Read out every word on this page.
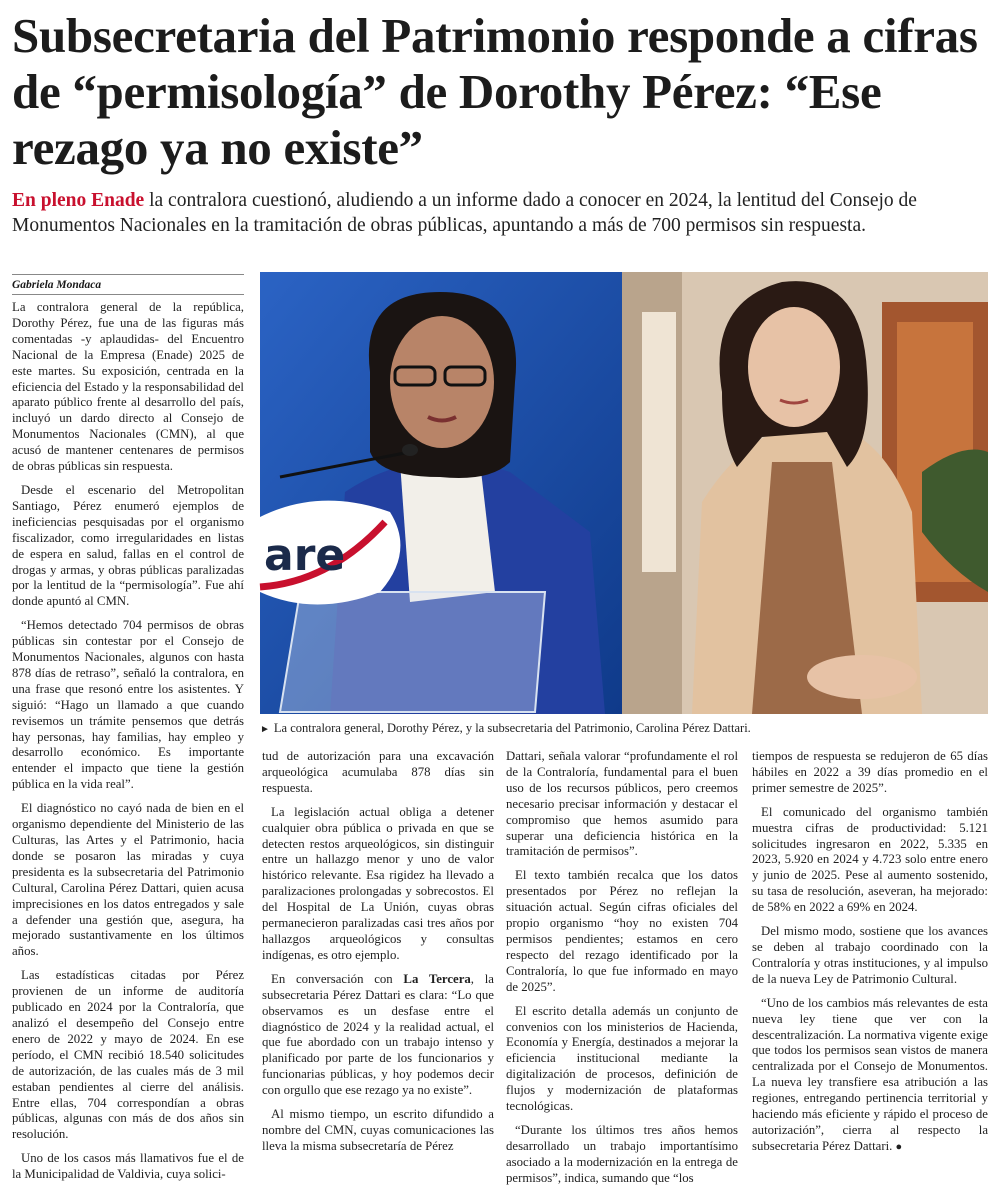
Subsecretaria del Patrimonio responde a cifras de “permisología” de Dorothy Pérez: “Ese rezago ya no existe”

En pleno Enade la contralora cuestionó, aludiendo a un informe dado a conocer en 2024, la lentitud del Consejo de Monumentos Nacionales en la tramitación de obras públicas, apuntando a más de 700 permisos sin respuesta.

Gabriela Mondaca

La contralora general de la república, Dorothy Pérez, fue una de las figuras más comentadas -y aplaudidas- del Encuentro Nacional de la Empresa (Enade) 2025 de este martes. Su exposición, centrada en la eficiencia del Estado y la responsabilidad del aparato público frente al desarrollo del país, incluyó un dardo directo al Consejo de Monumentos Nacionales (CMN), al que acusó de mantener centenares de permisos de obras públicas sin respuesta.

Desde el escenario del Metropolitan Santiago, Pérez enumeró ejemplos de ineficiencias pesquisadas por el organismo fiscalizador, como irregularidades en listas de espera en salud, fallas en el control de drogas y armas, y obras públicas paralizadas por la lentitud de la “permisología”. Fue ahí donde apuntó al CMN.

“Hemos detectado 704 permisos de obras públicas sin contestar por el Consejo de Monumentos Nacionales, algunos con hasta 878 días de retraso”, señaló la contralora, en una frase que resonó entre los asistentes. Y siguió: “Hago un llamado a que cuando revisemos un trámite pensemos que detrás hay personas, hay familias, hay empleo y desarrollo económico. Es importante entender el impacto que tiene la gestión pública en la vida real”.

El diagnóstico no cayó nada de bien en el organismo dependiente del Ministerio de las Culturas, las Artes y el Patrimonio, hacia donde se posaron las miradas y cuya presidenta es la subsecretaria del Patrimonio Cultural, Carolina Pérez Dattari, quien acusa imprecisiones en los datos entregados y sale a defender una gestión que, asegura, ha mejorado sustantivamente en los últimos años.

Las estadísticas citadas por Pérez provienen de un informe de auditoría publicado en 2024 por la Contraloría, que analizó el desempeño del Consejo entre enero de 2022 y mayo de 2024. En ese período, el CMN recibió 18.540 solicitudes de autorización, de las cuales más de 3 mil estaban pendientes al cierre del análisis. Entre ellas, 704 correspondían a obras públicas, algunas con más de dos años sin resolución.

Uno de los casos más llamativos fue el de la Municipalidad de Valdivia, cuya solici-

are

► La contralora general, Dorothy Pérez, y la subsecretaria del Patrimonio, Carolina Pérez Dattari.

tud de autorización para una excavación arqueológica acumulaba 878 días sin respuesta.

La legislación actual obliga a detener cualquier obra pública o privada en que se detecten restos arqueológicos, sin distinguir entre un hallazgo menor y uno de valor histórico relevante. Esa rigidez ha llevado a paralizaciones prolongadas y sobrecostos. El del Hospital de La Unión, cuyas obras permanecieron paralizadas casi tres años por hallazgos arqueológicos y consultas indígenas, es otro ejemplo.

En conversación con La Tercera, la subsecretaria Pérez Dattari es clara: “Lo que observamos es un desfase entre el diagnóstico de 2024 y la realidad actual, el que fue abordado con un trabajo intenso y planificado por parte de los funcionarios y funcionarias públicas, y hoy podemos decir con orgullo que ese rezago ya no existe”.

Al mismo tiempo, un escrito difundido a nombre del CMN, cuyas comunicaciones las lleva la misma subsecretaría de Pérez

Dattari, señala valorar “profundamente el rol de la Contraloría, fundamental para el buen uso de los recursos públicos, pero creemos necesario precisar información y destacar el compromiso que hemos asumido para superar una deficiencia histórica en la tramitación de permisos”.

El texto también recalca que los datos presentados por Pérez no reflejan la situación actual. Según cifras oficiales del propio organismo “hoy no existen 704 permisos pendientes; estamos en cero respecto del rezago identificado por la Contraloría, lo que fue informado en mayo de 2025”.

El escrito detalla además un conjunto de convenios con los ministerios de Hacienda, Economía y Energía, destinados a mejorar la eficiencia institucional mediante la digitalización de procesos, definición de flujos y modernización de plataformas tecnológicas.

“Durante los últimos tres años hemos desarrollado un trabajo importantísimo asociado a la modernización en la entrega de permisos”, indica, sumando que “los

tiempos de respuesta se redujeron de 65 días hábiles en 2022 a 39 días promedio en el primer semestre de 2025”.

El comunicado del organismo también muestra cifras de productividad: 5.121 solicitudes ingresaron en 2022, 5.335 en 2023, 5.920 en 2024 y 4.723 solo entre enero y junio de 2025. Pese al aumento sostenido, su tasa de resolución, aseveran, ha mejorado: de 58% en 2022 a 69% en 2024.

Del mismo modo, sostiene que los avances se deben al trabajo coordinado con la Contraloría y otras instituciones, y al impulso de la nueva Ley de Patrimonio Cultural.

“Uno de los cambios más relevantes de esta nueva ley tiene que ver con la descentralización. La normativa vigente exige que todos los permisos sean vistos de manera centralizada por el Consejo de Monumentos. La nueva ley transfiere esa atribución a las regiones, entregando pertinencia territorial y haciendo más eficiente y rápido el proceso de autorización”, cierra al respecto la subsecretaria Pérez Dattari. ●
